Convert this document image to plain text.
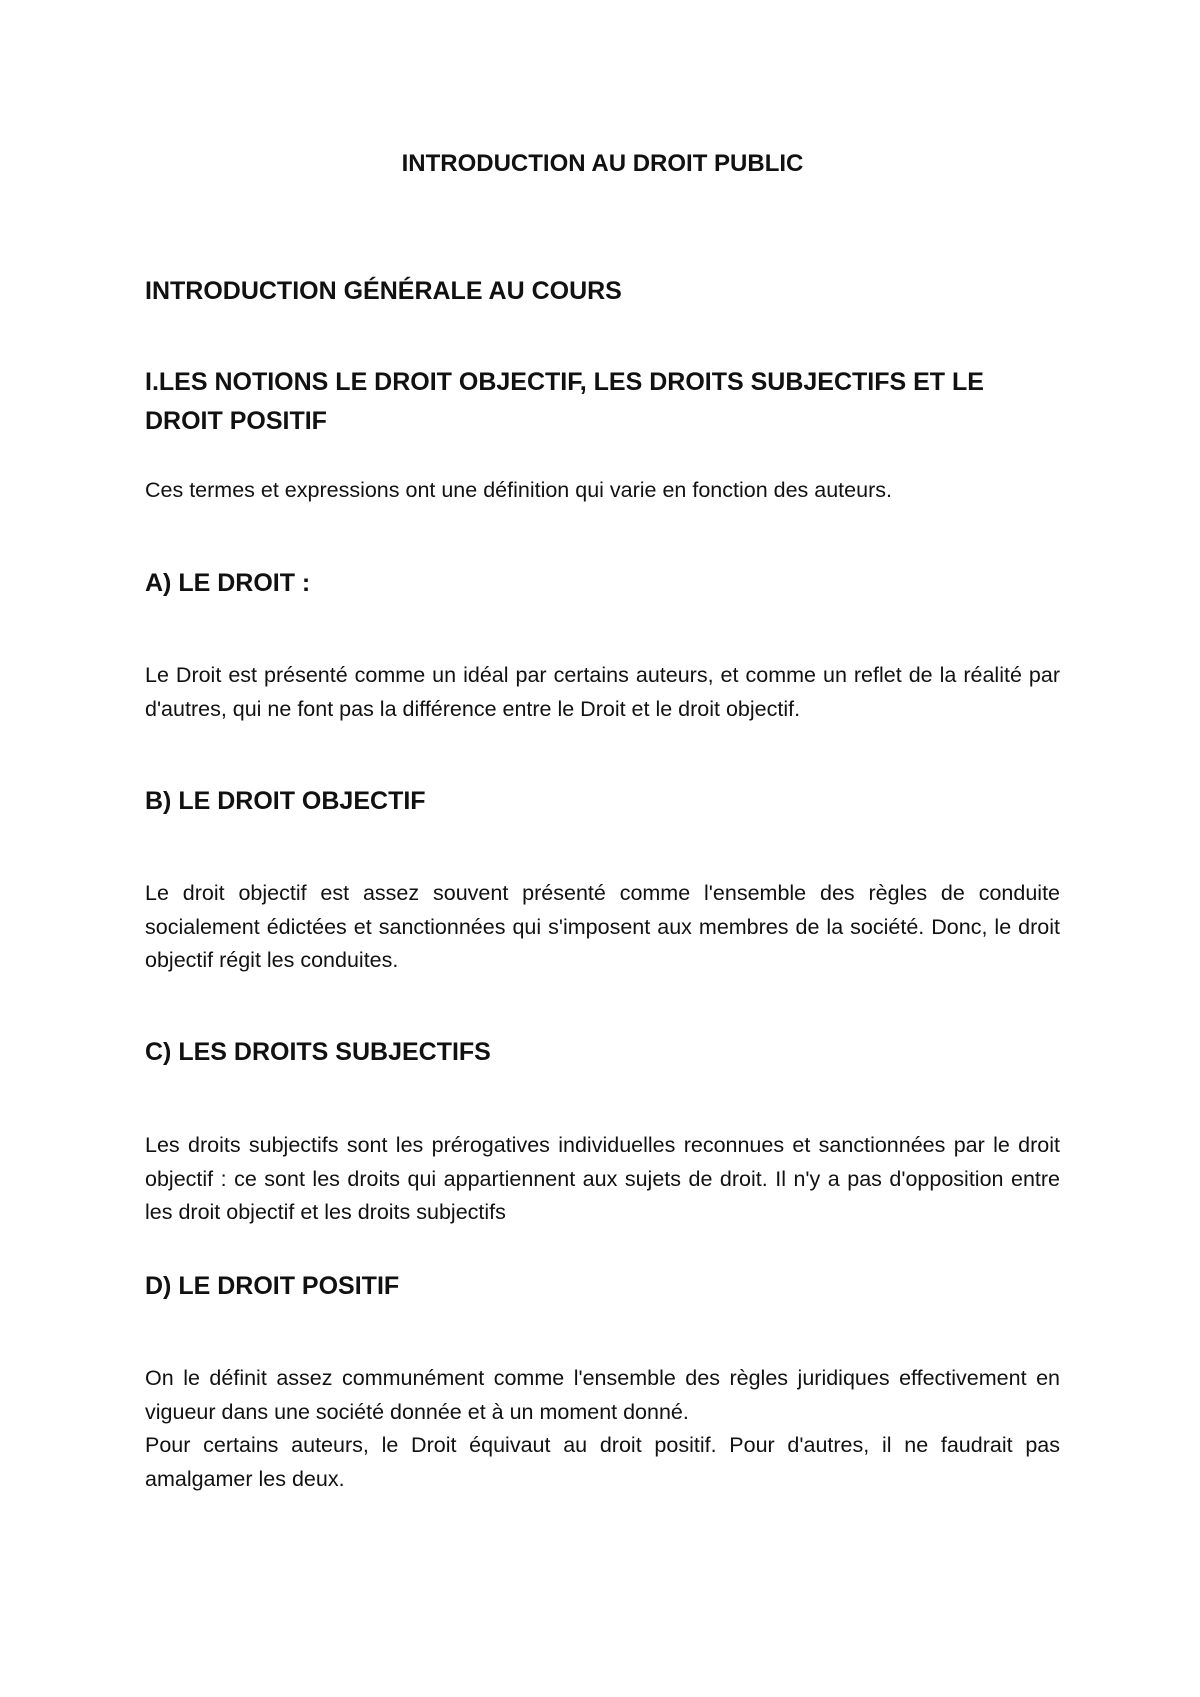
INTRODUCTION AU DROIT PUBLIC
INTRODUCTION GÉNÉRALE AU COURS
I.LES NOTIONS LE DROIT OBJECTIF, LES DROITS SUBJECTIFS ET LE DROIT POSITIF

Ces termes et expressions ont une définition qui varie en fonction des auteurs.

A) LE DROIT :

Le Droit est présenté comme un idéal par certains auteurs, et comme un reflet de la réalité par d'autres, qui ne font pas la différence entre le Droit et le droit objectif.

B) LE DROIT OBJECTIF

Le droit objectif est assez souvent présenté comme l'ensemble des règles de conduite socialement édictées et sanctionnées qui s'imposent aux membres de la société. Donc, le droit objectif régit les conduites.

C) LES DROITS SUBJECTIFS

Les droits subjectifs sont les prérogatives individuelles reconnues et sanctionnées par le droit objectif : ce sont les droits qui appartiennent aux sujets de droit. Il n'y a pas d'opposition entre les droit objectif et les droits subjectifs

D) LE DROIT POSITIF

On le définit assez communément comme l'ensemble des règles juridiques effectivement en vigueur dans une société donnée et à un moment donné.

Pour certains auteurs, le Droit équivaut au droit positif. Pour d'autres, il ne faudrait pas amalgamer les deux.
